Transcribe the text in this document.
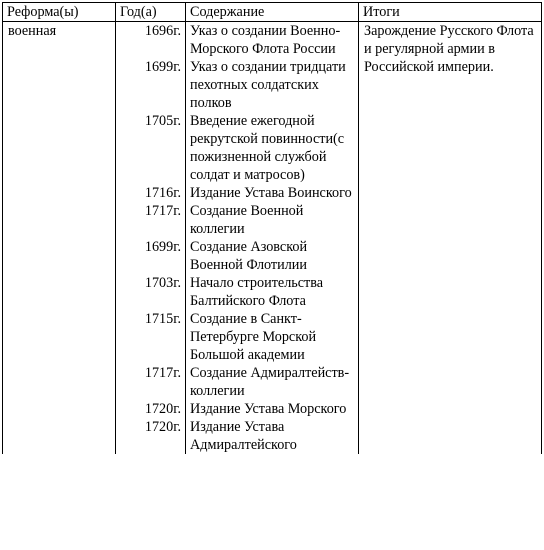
Реформа(ы)	Год(а)	Содержание	Итоги
военная	1696г.	Указ о создании Военно-Морского Флота России	Зарождение Русского Флота и регулярной армии в Российской империи.
	1699г.	Указ о создании тридцати пехотных солдатских полков	
	1705г.	Введение ежегодной рекрутской повинности(с пожизненной службой солдат и матросов)	
	1716г.	Издание Устава Воинского	
	1717г.	Создание Военной коллегии	
	1699г.	Создание Азовской Военной Флотилии	
	1703г.	Начало строительства Балтийского Флота	
	1715г.	Создание в Санкт-Петербурге Морской Большой академии	
	1717г.	Создание Адмиралтейств-коллегии	
	1720г.	Издание Устава Морского	
	1720г.	Издание Устава Адмиралтейского	
